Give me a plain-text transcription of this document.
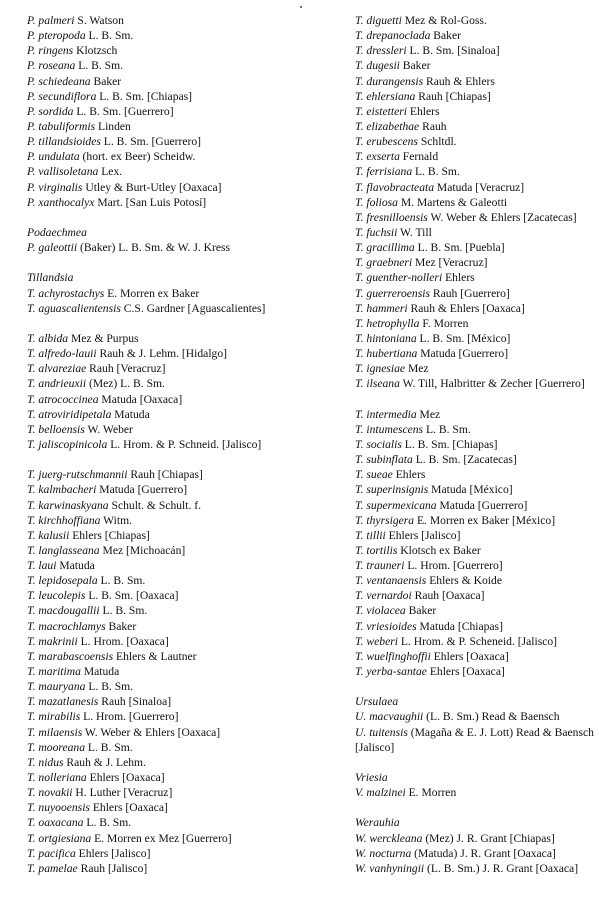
P. palmeri S. Watson
P. pteropoda L. B. Sm.
P. ringens Klotzsch
P. roseana L. B. Sm.
P. schiedeana Baker
P. secundiflora L. B. Sm. [Chiapas]
P. sordida L. B. Sm. [Guerrero]
P. tabuliformis Linden
P. tillandsioides L. B. Sm. [Guerrero]
P. undulata (hort. ex Beer) Scheidw.
P. vallisoletana Lex.
P. virginalis Utley & Burt-Utley [Oaxaca]
P. xanthocalyx Mart. [San Luis Potosí]
Podaechmea
P. galeottii (Baker) L. B. Sm. & W. J. Kress
Tillandsia
T. achyrostachys E. Morren ex Baker
T. aguascalientensis C.S. Gardner [Aguascalientes]
T. albida Mez & Purpus
T. alfredo-lauii Rauh & J. Lehm. [Hidalgo]
T. alvareziae Rauh [Veracruz]
T. andrieuxii (Mez) L. B. Sm.
T. atrococcinea Matuda [Oaxaca]
T. atroviridipetala Matuda
T. belloensis W. Weber
T. jaliscopinicola L. Hrom. & P. Schneid. [Jalisco]
T. juerg-rutschmannii Rauh [Chiapas]
T. kalmbacheri Matuda [Guerrero]
T. karwinaskyana Schult. & Schult. f.
T. kirchhoffiana Witm.
T. kalusii Ehlers [Chiapas]
T. langlasseana Mez [Michoacán]
T. laui Matuda
T. lepidosepala L. B. Sm.
T. leucolepis L. B. Sm. [Oaxaca]
T. macdougallii L. B. Sm.
T. macrochlamys Baker
T. makrinii L. Hrom. [Oaxaca]
T. marabascoensis Ehlers & Lautner
T. maritima Matuda
T. mauryana L. B. Sm.
T. mazatlanesis Rauh [Sinaloa]
T. mirabilis L. Hrom. [Guerrero]
T. milaensis W. Weber & Ehlers [Oaxaca]
T. mooreana L. B. Sm.
T. nidus Rauh & J. Lehm.
T. nolleriana Ehlers [Oaxaca]
T. novakii H. Luther [Veracruz]
T. nuyooensis Ehlers [Oaxaca]
T. oaxacana L. B. Sm.
T. ortgiesiana E. Morren ex Mez [Guerrero]
T. pacifica Ehlers [Jalisco]
T. pamelae Rauh [Jalisco]
T. diguetti Mez & Rol-Goss.
T. drepanoclada Baker
T. dressleri L. B. Sm. [Sinaloa]
T. dugesii Baker
T. durangensis Rauh & Ehlers
T. ehlersiana Rauh [Chiapas]
T. eistetteri Ehlers
T. elizabethae Rauh
T. erubescens Schltdl.
T. exserta Fernald
T. ferrisiana L. B. Sm.
T. flavobracteata Matuda [Veracruz]
T. foliosa M. Martens & Galeotti
T. fresnilloensis W. Weber & Ehlers [Zacatecas]
T. fuchsii W. Till
T. gracillima L. B. Sm. [Puebla]
T. graebneri Mez [Veracruz]
T. guenther-nolleri Ehlers
T. guerreroensis Rauh [Guerrero]
T. hammeri Rauh & Ehlers [Oaxaca]
T. hetrophylla F. Morren
T. hintoniana L. B. Sm. [México]
T. hubertiana Matuda [Guerrero]
T. ignesiae Mez
T. ilseana W. Till, Halbritter & Zecher [Guerrero]
T. intermedia Mez
T. intumescens L. B. Sm.
T. socialis L. B. Sm. [Chiapas]
T. subinflata L. B. Sm. [Zacatecas]
T. sueae Ehlers
T. superinsignis Matuda [México]
T. supermexicana Matuda [Guerrero]
T. thyrsigera E. Morren ex Baker [México]
T. tillii Ehlers [Jalisco]
T. tortilis Klotsch ex Baker
T. trauneri L. Hrom. [Guerrero]
T. ventanaensis Ehlers & Koide
T. vernardoi Rauh [Oaxaca]
T. violacea Baker
T. vriesioides Matuda [Chiapas]
T. weberi L. Hrom. & P. Scheneid. [Jalisco]
T. wuelfinghoffii Ehlers [Oaxaca]
T. yerba-santae Ehlers [Oaxaca]
Ursulaea
U. macvaughii (L. B. Sm.) Read & Baensch
U. tuitensis (Magaña & E. J. Lott) Read & Baensch
[Jalisco]
Vriesia
V. malzinei E. Morren
Werauhia
W. werckleana (Mez) J. R. Grant [Chiapas]
W. nocturna (Matuda) J. R. Grant [Oaxaca]
W. vanhyningii (L. B. Sm.) J. R. Grant [Oaxaca]
